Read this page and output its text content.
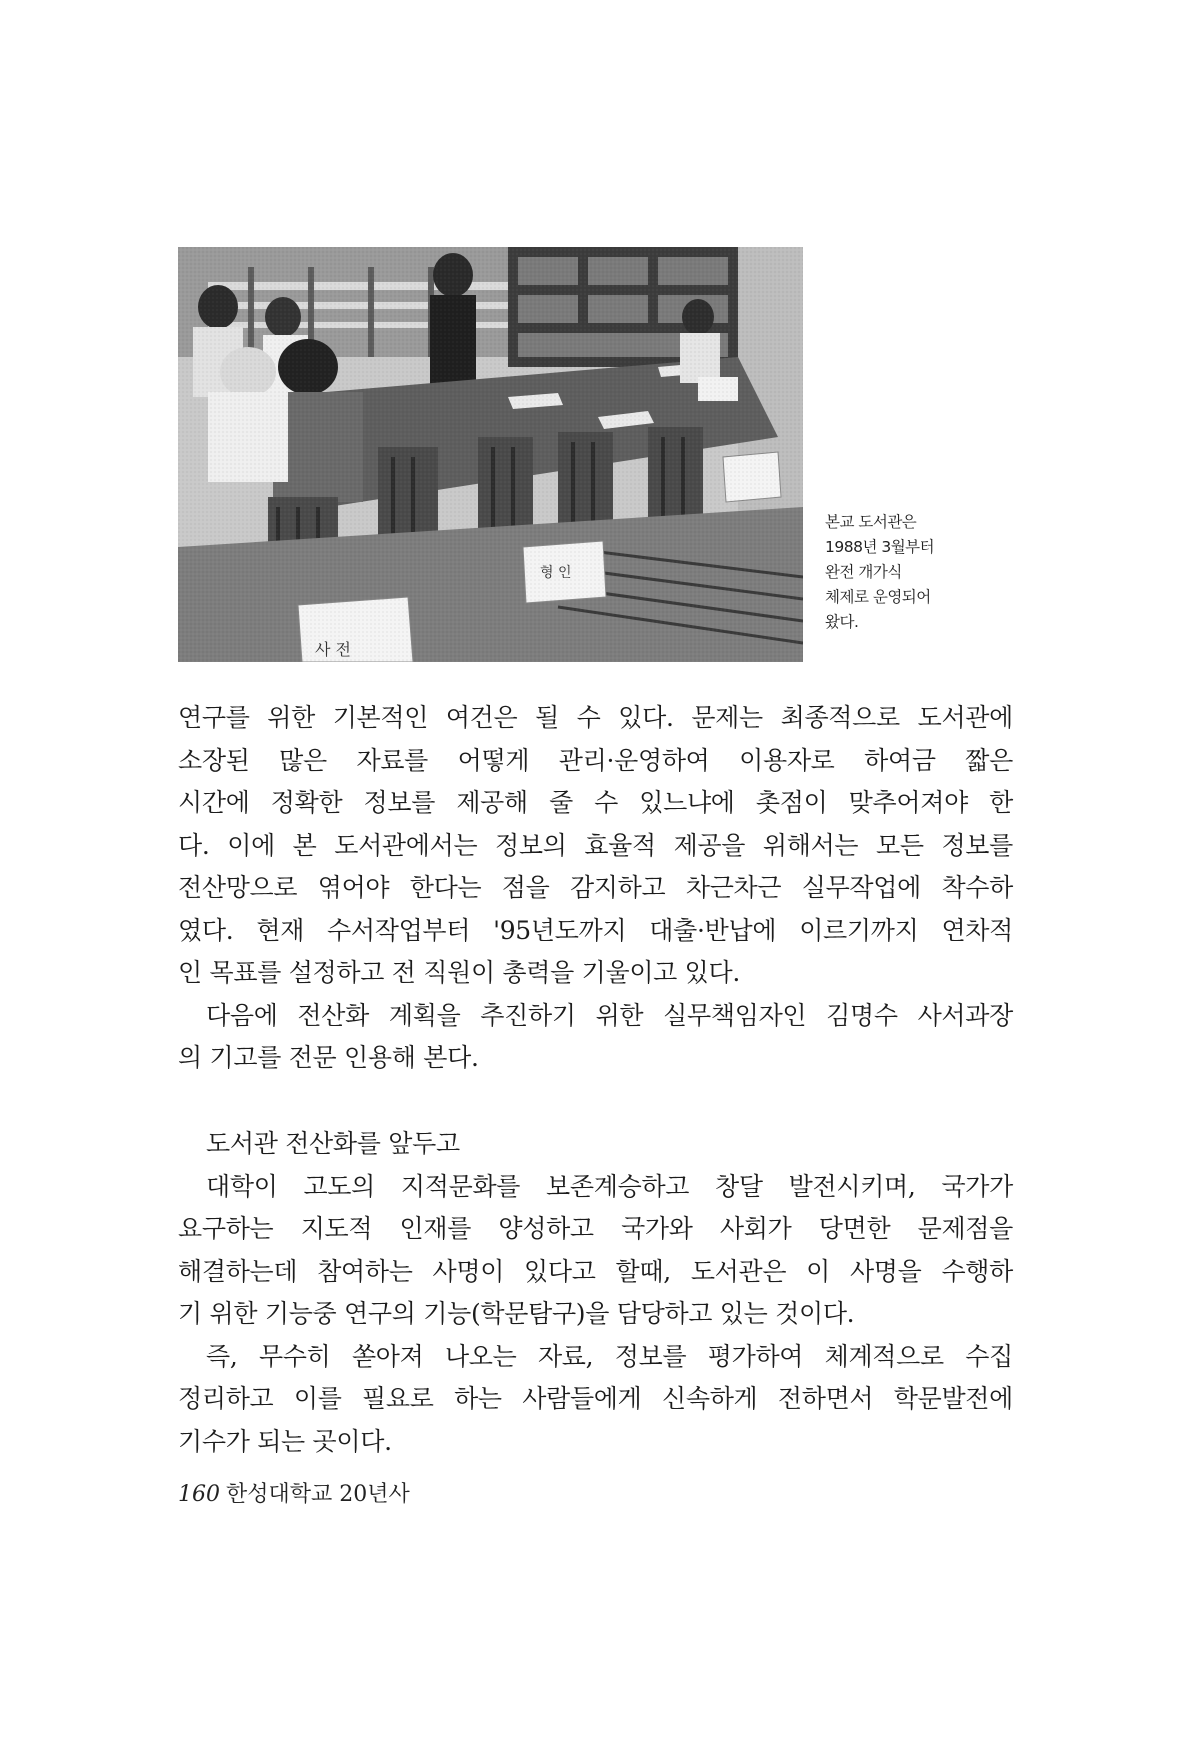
본교 도서관은
1988년 3월부터
완전 개가식
체제로 운영되어
왔다.
연구를 위한 기본적인 여건은 될 수 있다. 문제는 최종적으로 도서관에
소장된 많은 자료를 어떻게 관리·운영하여 이용자로 하여금 짧은
시간에 정확한 정보를 제공해 줄 수 있느냐에 촛점이 맞추어져야 한
다. 이에 본 도서관에서는 정보의 효율적 제공을 위해서는 모든 정보를
전산망으로 엮어야 한다는 점을 감지하고 차근차근 실무작업에 착수하
였다. 현재 수서작업부터 '95년도까지 대출·반납에 이르기까지 연차적
인 목표를 설정하고 전 직원이 총력을 기울이고 있다.
다음에 전산화 계획을 추진하기 위한 실무책임자인 김명수 사서과장
의 기고를 전문 인용해 본다.
도서관 전산화를 앞두고
대학이 고도의 지적문화를 보존계승하고 창달 발전시키며, 국가가
요구하는 지도적 인재를 양성하고 국가와 사회가 당면한 문제점을
해결하는데 참여하는 사명이 있다고 할때, 도서관은 이 사명을 수행하
기 위한 기능중 연구의 기능(학문탐구)을 담당하고 있는 것이다.
즉, 무수히 쏟아져 나오는 자료, 정보를 평가하여 체계적으로 수집
정리하고 이를 필요로 하는 사람들에게 신속하게 전하면서 학문발전에
기수가 되는 곳이다.
160 한성대학교 20년사
